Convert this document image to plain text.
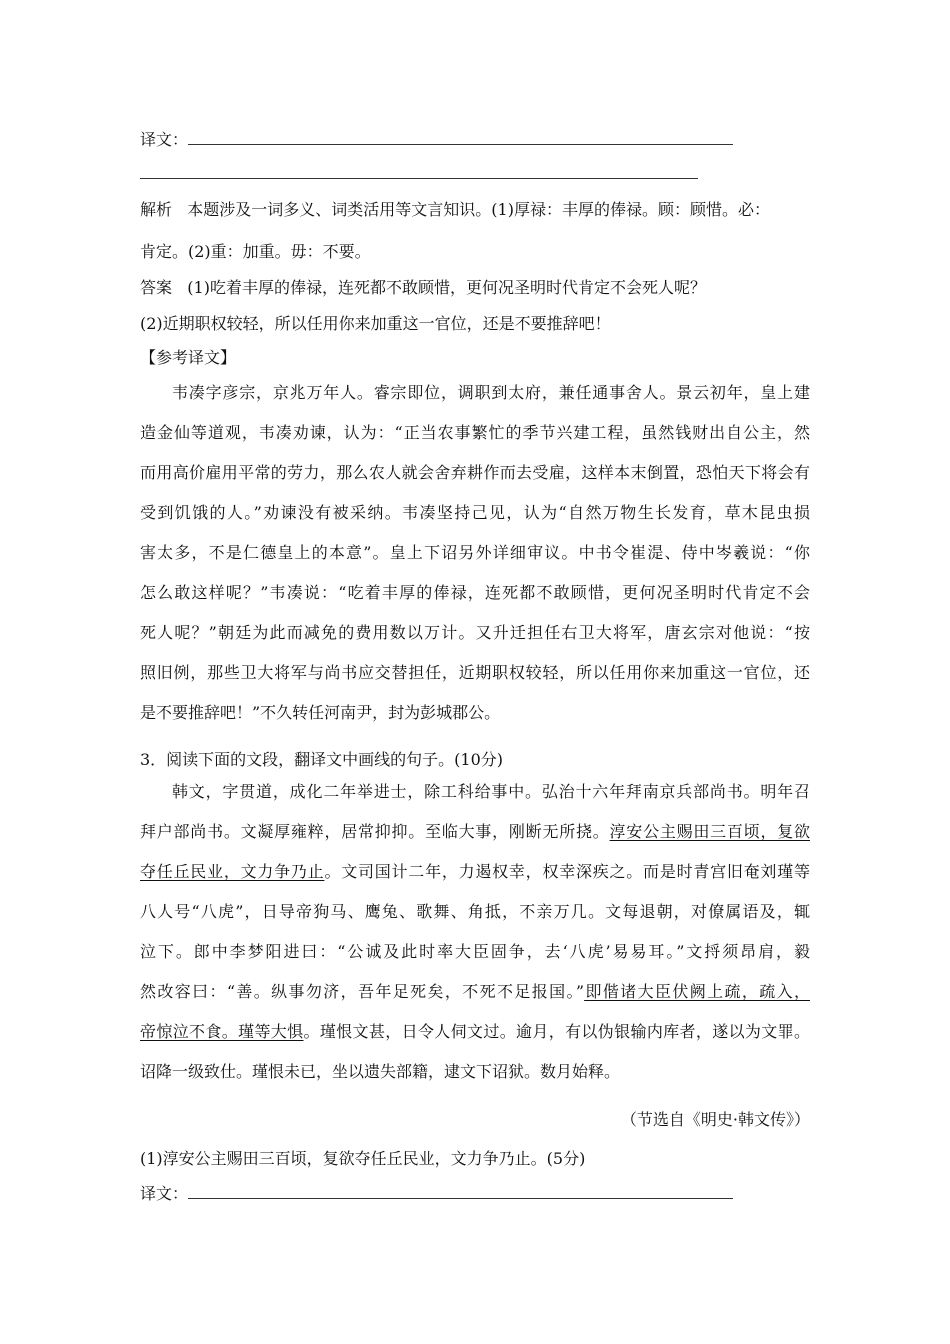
译文：
解析 本题涉及一词多义、词类活用等文言知识。(1)厚禄：丰厚的俸禄。顾：顾惜。必：
肯定。(2)重：加重。毋：不要。
答案 (1)吃着丰厚的俸禄，连死都不敢顾惜，更何况圣明时代肯定不会死人呢？
(2)近期职权较轻，所以任用你来加重这一官位，还是不要推辞吧！
【参考译文】

韦凑字彦宗，京兆万年人。睿宗即位，调职到太府，兼任通事舍人。景云初年，皇上建

造金仙等道观，韦凑劝谏，认为：“正当农事繁忙的季节兴建工程，虽然钱财出自公主，然

而用高价雇用平常的劳力，那么农人就会舍弃耕作而去受雇，这样本末倒置，恐怕天下将会有

受到饥饿的人。”劝谏没有被采纳。韦凑坚持己见，认为“自然万物生长发育，草木昆虫损

害太多，不是仁德皇上的本意”。皇上下诏另外详细审议。中书令崔湜、侍中岑羲说：“你

怎么敢这样呢？”韦凑说：“吃着丰厚的俸禄，连死都不敢顾惜，更何况圣明时代肯定不会

死人呢？”朝廷为此而减免的费用数以万计。又升迁担任右卫大将军，唐玄宗对他说：“按

照旧例，那些卫大将军与尚书应交替担任，近期职权较轻，所以任用你来加重这一官位，还

是不要推辞吧！”不久转任河南尹，封为彭城郡公。

3．阅读下面的文段，翻译文中画线的句子。(10分)

韩文，字贯道，成化二年举进士，除工科给事中。弘治十六年拜南京兵部尚书。明年召

拜户部尚书。文凝厚雍粹，居常抑抑。至临大事，刚断无所挠。淳安公主赐田三百顷，复欲

夺任丘民业，文力争乃止。文司国计二年，力遏权幸，权幸深疾之。而是时青宫旧奄刘瑾等

八人号“八虎”，日导帝狗马、鹰兔、歌舞、角抵，不亲万几。文每退朝，对僚属语及，辄

泣下。郎中李梦阳进曰：“公诚及此时率大臣固争，去‘八虎’易易耳。”文捋须昂肩，毅

然改容曰：“善。纵事勿济，吾年足死矣，不死不足报国。”即偕诸大臣伏阙上疏，疏入，

帝惊泣不食。瑾等大惧。瑾恨文甚，日令人伺文过。逾月，有以伪银输内库者，遂以为文罪。

诏降一级致仕。瑾恨未已，坐以遗失部籍，逮文下诏狱。数月始释。

（节选自《明史·韩文传》）
(1)淳安公主赐田三百顷，复欲夺任丘民业，文力争乃止。(5分)
译文：
